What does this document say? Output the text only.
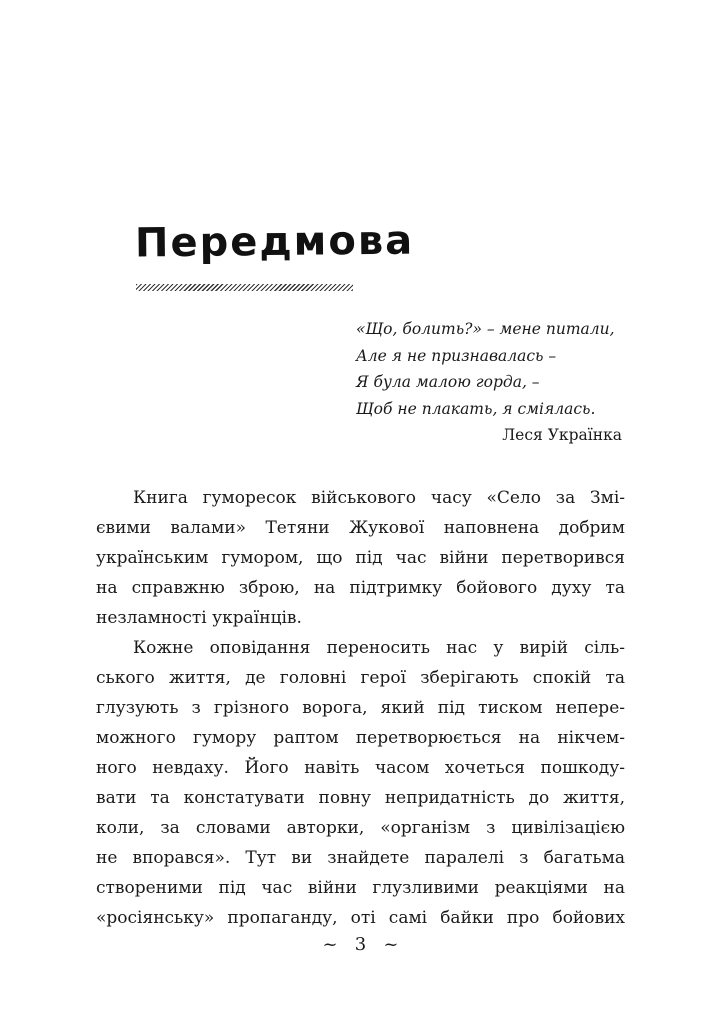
Передмова
«Що, болить?» – мене питали,
Але я не признавалась –
Я була малою горда, –
Щоб не плакать, я сміялась.
Леся Українка
Книга гуморесок військового часу «Село за Змі-
євими валами» Тетяни Жукової наповнена добрим
українським гумором, що під час війни перетворився
на справжню зброю, на підтримку бойового духу та
незламності українців.
Кожне оповідання переносить нас у вирій сіль-
ського життя, де головні герої зберігають спокій та
глузують з грізного ворога, який під тиском непере-
можного гумору раптом перетворюється на нікчем-
ного невдаху. Його навіть часом хочеться пошкоду-
вати та констатувати повну непридатність до життя,
коли, за словами авторки, «організм з цивілізацією
не впорався». Тут ви знайдете паралелі з багатьма
створеними під час війни глузливими реакціями на
«росіянську» пропаганду, оті самі байки про бойових
~   3   ~
